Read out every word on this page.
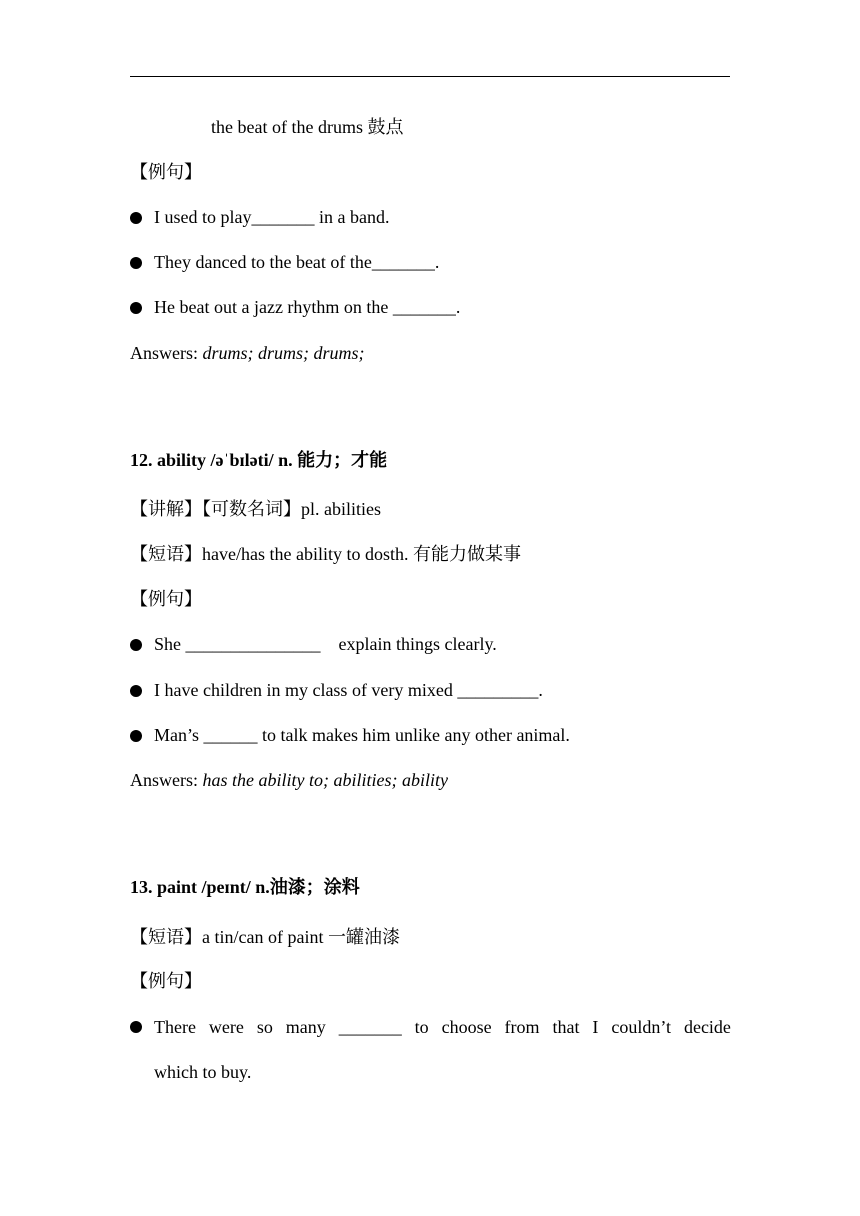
the beat of the drums 鼓点
【例句】
I used to play_______ in a band.
They danced to the beat of the_______.
He beat out a jazz rhythm on the _______.
Answers: drums; drums; drums;
12. ability /əˈbɪləti/ n. 能力；才能
【讲解】【可数名词】pl. abilities
【短语】have/has the ability to dosth. 有能力做某事
【例句】
She _______________    explain things clearly.
I have children in my class of very mixed _________.
Man’s ______ to talk makes him unlike any other animal.
Answers: has the ability to; abilities; ability
13. paint /peɪnt/ n.油漆；涂料
【短语】a tin/can of paint 一罐油漆
【例句】
There were so many _______ to choose from that I couldn’t decide
which to buy.
